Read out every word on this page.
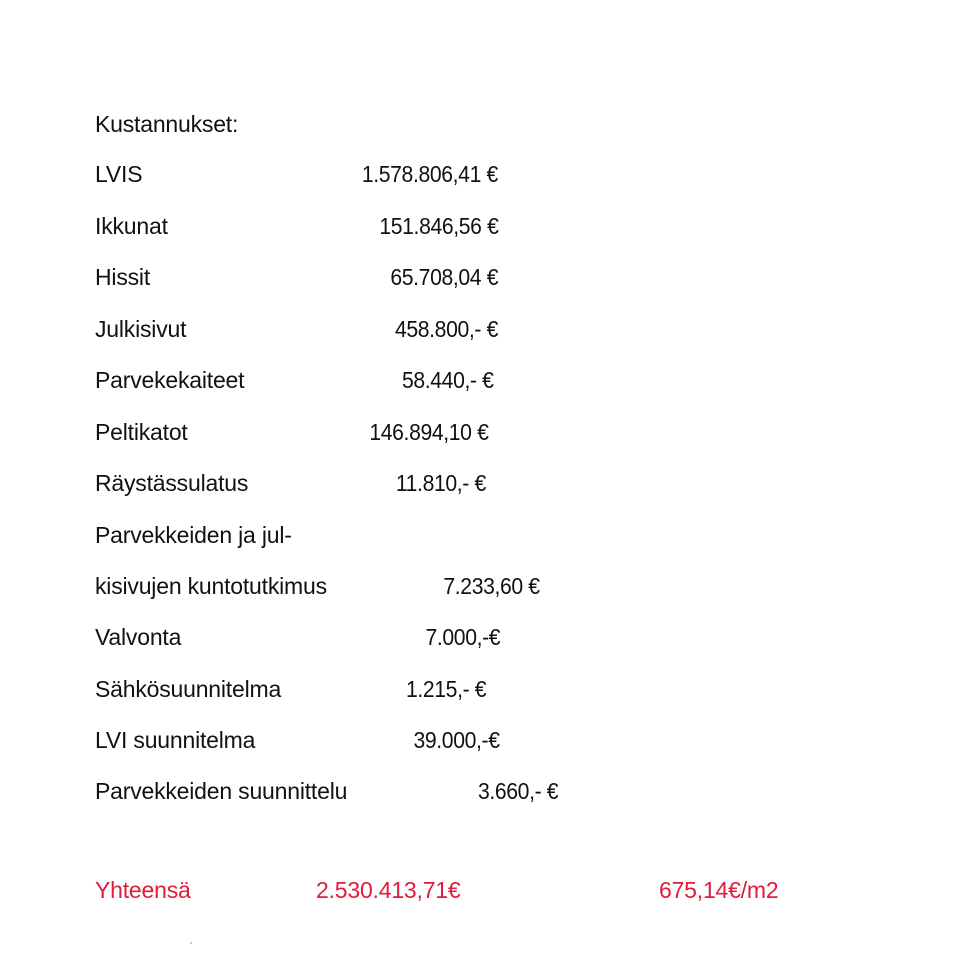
Kustannukset:
LVIS	1.578.806,41 €
Ikkunat	151.846,56 €
Hissit	65.708,04 €
Julkisivut	458.800,- €
Parvekekaiteet	58.440,- €
Peltikatot	146.894,10 €
Räystässulatus	11.810,- €
Parvekkeiden ja jul-
kisivujen kuntotutkimus	7.233,60 €
Valvonta	7.000,-€
Sähkösuunnitelma	1.215,- €
LVI suunnitelma	39.000,-€
Parvekkeiden suunnittelu	3.660,- €
Yhteensä	2.530.413,71€	675,14€/m2
